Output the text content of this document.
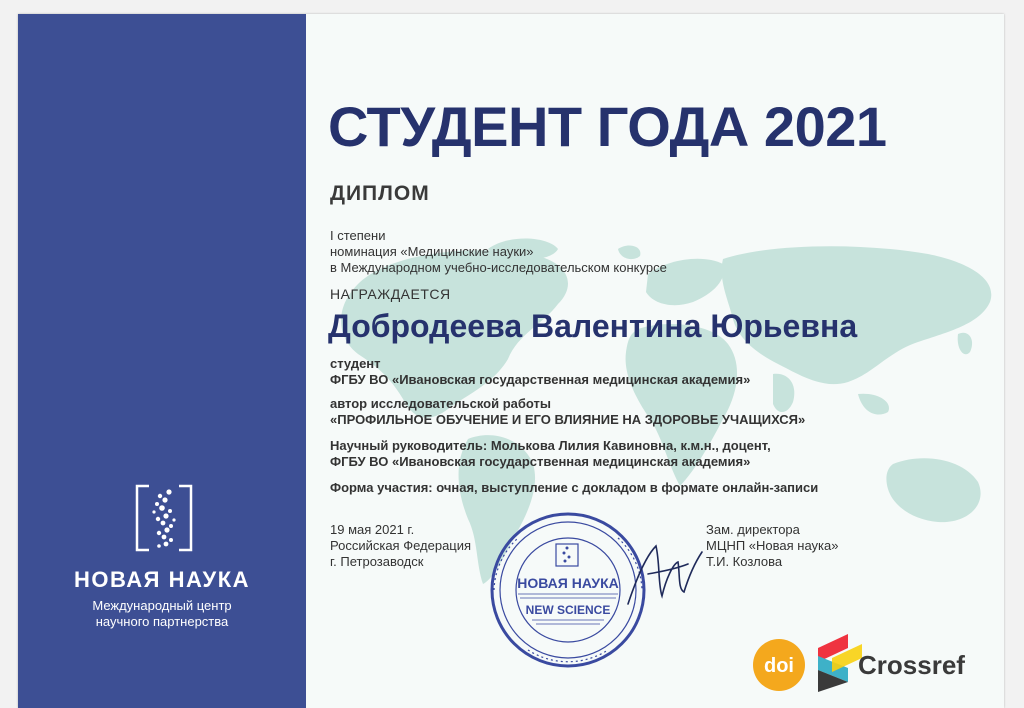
НОВАЯ НАУКА
Международный центр
научного партнерства
СТУДЕНТ ГОДА 2021
ДИПЛОМ
I степени
номинация «Медицинские науки»
в Международном учебно-исследовательском конкурсе
НАГРАЖДАЕТСЯ
Добродеева Валентина Юрьевна
студент
ФГБУ ВО «Ивановская государственная медицинская академия»
автор исследовательской работы
«ПРОФИЛЬНОЕ ОБУЧЕНИЕ И ЕГО ВЛИЯНИЕ НА ЗДОРОВЬЕ УЧАЩИХСЯ»
Научный руководитель: Молькова Лилия Кавиновна, к.м.н., доцент,
ФГБУ ВО «Ивановская государственная медицинская академия»
Форма участия: очная, выступление с докладом в формате онлайн-записи
19 мая 2021 г.
Российская Федерация
г. Петрозаводск
НОВАЯ НАУКА
NEW SCIENCE
Зам. директора
МЦНП «Новая наука»
Т.И. Козлова
doi Crossref
